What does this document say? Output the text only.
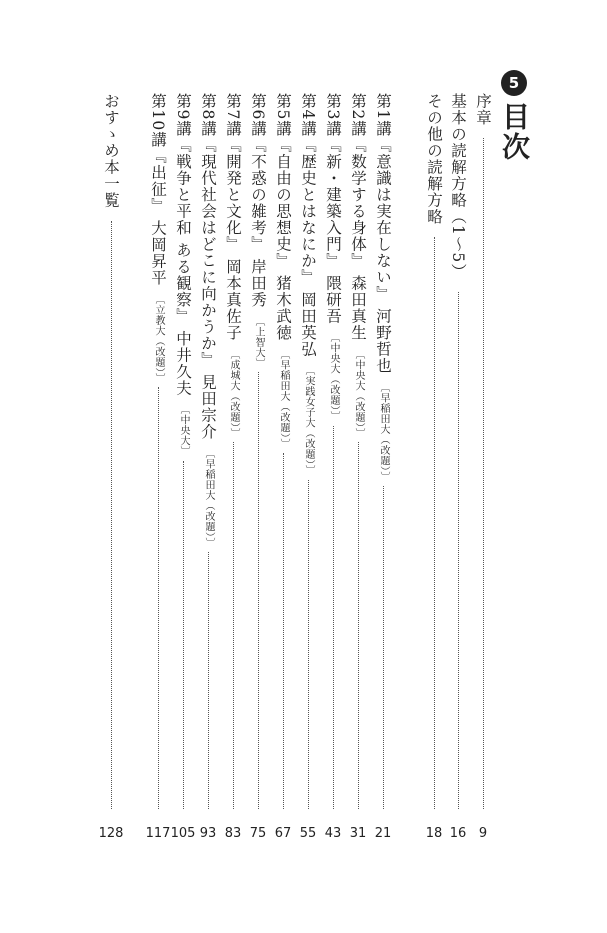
5
目次
序章
基本の読解方略（1〜5）
その他の読解方略
第1講『意識は実在しない』 河野哲也
〔早稲田大（改題）〕
第2講『数学する身体』 森田真生
〔中央大（改題）〕
第3講『新・建築入門』 隈研吾
〔中央大（改題）〕
第4講『歴史とはなにか』 岡田英弘
〔実践女子大（改題）〕
第5講『自由の思想史』 猪木武徳
〔早稲田大（改題）〕
第6講『不惑の雑考』 岸田秀
〔上智大〕
第7講『開発と文化』 岡本真佐子
〔成城大（改題）〕
第8講『現代社会はどこに向かうか』 見田宗介
〔早稲田大（改題）〕
第9講『戦争と平和 ある観察』 中井久夫
〔中央大〕
第10講『出征』 大岡昇平
〔立教大（改題）〕
おすゝめ本一覧
9
16
18
21
31
43
55
67
75
83
93
105
117
128
